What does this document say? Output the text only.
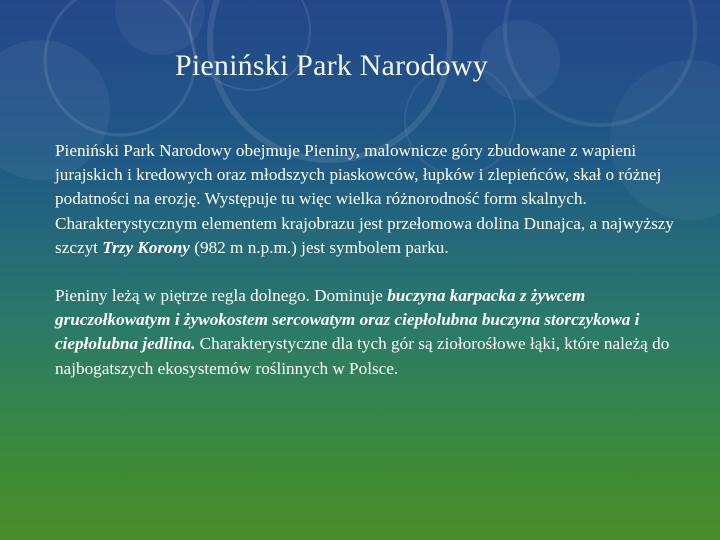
Pieniński Park Narodowy

Pieniński Park Narodowy obejmuje Pieniny, malownicze góry zbudowane z wapieni jurajskich i kredowych oraz młodszych piaskowców, łupków i zlepieńców, skał o różnej podatności na erozję. Występuje tu więc wielka różnorodność form skalnych. Charakterystycznym elementem krajobrazu jest przełomowa dolina Dunajca, a najwyższy szczyt Trzy Korony (982 m n.p.m.) jest symbolem parku.

Pieniny leżą w piętrze regla dolnego. Dominuje buczyna karpacka z żywcem gruczołkowatym i żywokostem sercowatym oraz ciepłolubna buczyna storczykowa i ciepłolubna jedlina. Charakterystyczne dla tych gór są ziołorośłowe łąki, które należą do najbogatszych ekosystemów roślinnych w Polsce.
